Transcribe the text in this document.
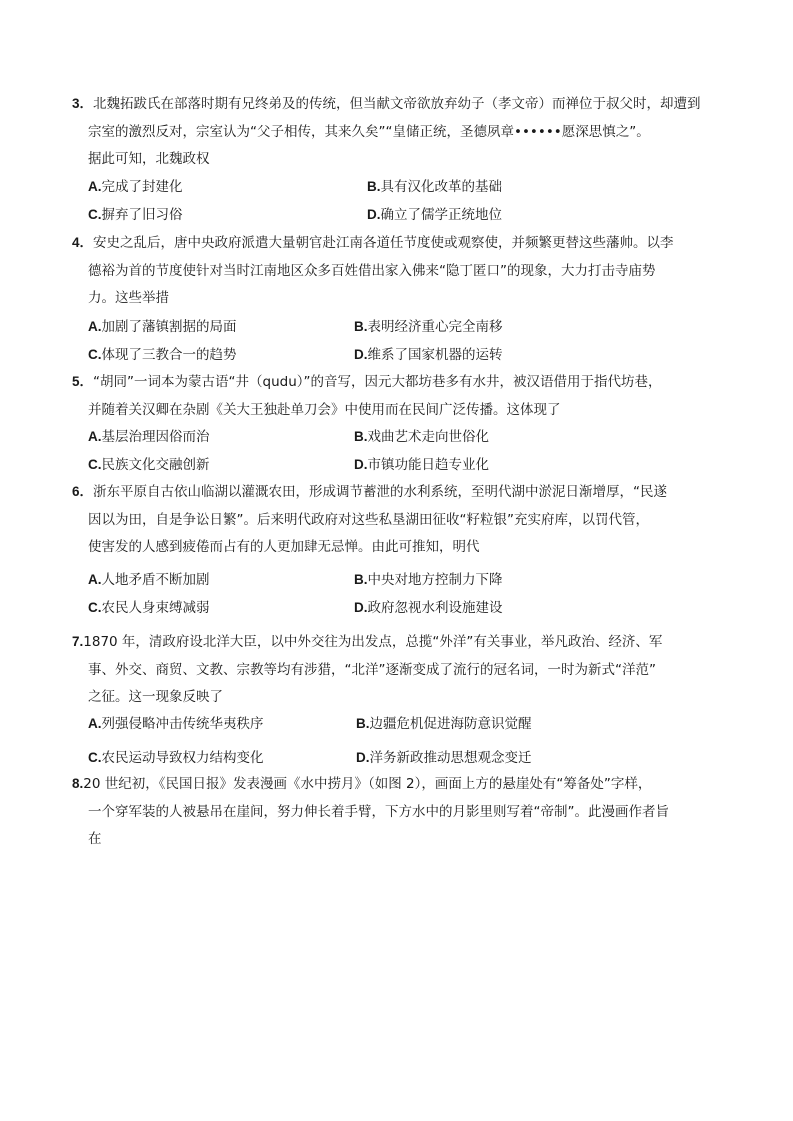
3．北魏拓跋氏在部落时期有兄终弟及的传统，但当献文帝欲放弃幼子（孝文帝）而禅位于叔父时，却遭到

宗室的激烈反对，宗室认为“父子相传，其来久矣”“皇储正统，圣德夙章••••••愿深思慎之”。

据此可知，北魏政权

A.完成了封建化	B.具有汉化改革的基础
C.摒弃了旧习俗	D.确立了儒学正统地位

4．安史之乱后，唐中央政府派遣大量朝官赴江南各道任节度使或观察使，并频繁更替这些藩帅。以李

德裕为首的节度使针对当时江南地区众多百姓借出家入佛来“隐丁匿口”的现象，大力打击寺庙势

力。这些举措

A.加剧了藩镇割据的局面	B.表明经济重心完全南移
C.体现了三教合一的趋势	D.维系了国家机器的运转

5．“胡同”一词本为蒙古语“井（qudu）”的音写，因元大都坊巷多有水井，被汉语借用于指代坊巷，

并随着关汉卿在杂剧《关大王独赴单刀会》中使用而在民间广泛传播。这体现了

A.基层治理因俗而治	B.戏曲艺术走向世俗化
C.民族文化交融创新	D.市镇功能日趋专业化

6．浙东平原自古依山临湖以灌溉农田，形成调节蓄泄的水利系统，至明代湖中淤泥日渐增厚，“民遂

因以为田，自是争讼日繁”。后来明代政府对这些私垦湖田征收“籽粒银”充实府库，以罚代管，

使害发的人感到疲倦而占有的人更加肆无忌惮。由此可推知，明代

A.人地矛盾不断加剧	B.中央对地方控制力下降
C.农民人身束缚减弱	D.政府忽视水利设施建设

7.1870 年，清政府设北洋大臣，以中外交往为出发点，总揽“外洋”有关事业，举凡政治、经济、军

事、外交、商贸、文教、宗教等均有涉猎，“北洋”逐渐变成了流行的冠名词，一时为新式“洋范”

之征。这一现象反映了

A.列强侵略冲击传统华夷秩序	B.边疆危机促进海防意识觉醒
C.农民运动导致权力结构变化	D.洋务新政推动思想观念变迁

8.20 世纪初，《民国日报》发表漫画《水中捞月》（如图 2），画面上方的悬崖处有“筹备处”字样，

一个穿军装的人被悬吊在崖间，努力伸长着手臂，下方水中的月影里则写着“帝制”。此漫画作者旨

在
